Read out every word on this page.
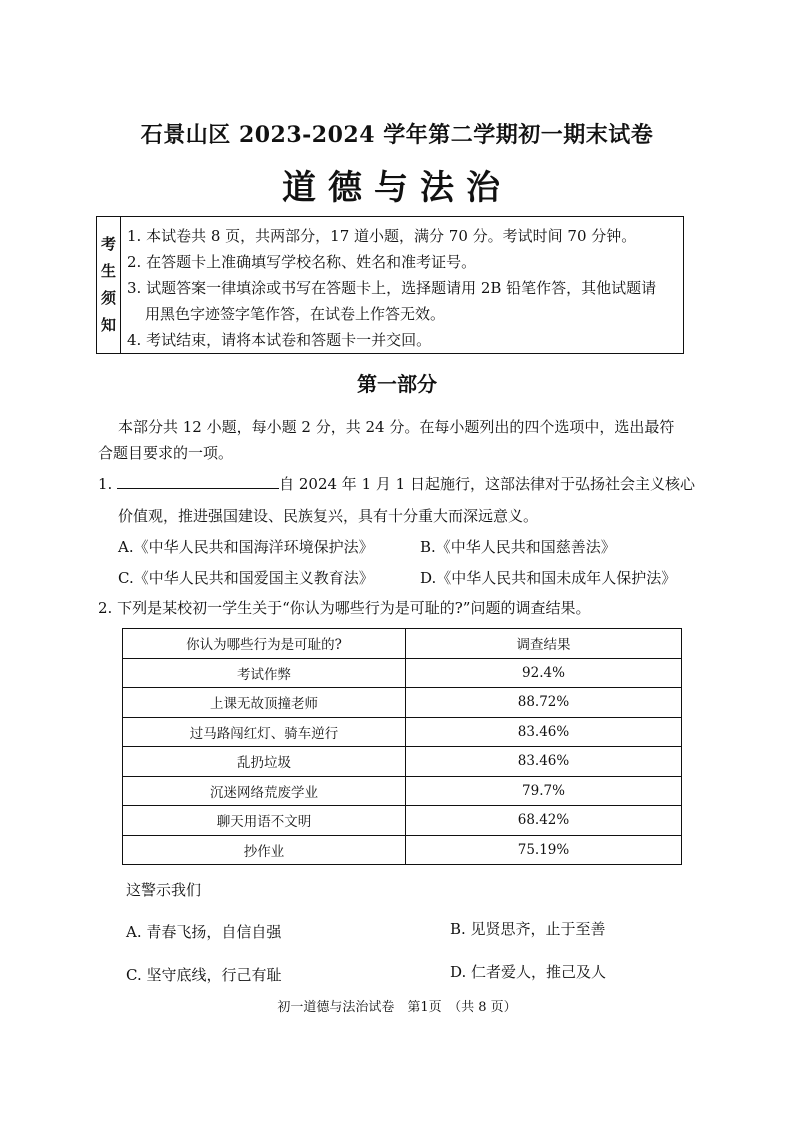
石景山区 2023-2024 学年第二学期初一期末试卷
道德与法治
考
生
须
知
1. 本试卷共 8 页，共两部分，17 道小题，满分 70 分。考试时间 70 分钟。
2. 在答题卡上准确填写学校名称、姓名和准考证号。
3. 试题答案一律填涂或书写在答题卡上，选择题请用 2B 铅笔作答，其他试题请
用黑色字迹签字笔作答，在试卷上作答无效。
4. 考试结束，请将本试卷和答题卡一并交回。
第一部分
本部分共 12 小题，每小题 2 分，共 24 分。在每小题列出的四个选项中，选出最符
合题目要求的一项。
1.	自 2024 年 1 月 1 日起施行，这部法律对于弘扬社会主义核心
价值观，推进强国建设、民族复兴，具有十分重大而深远意义。
A.《中华人民共和国海洋环境保护法》	B.《中华人民共和国慈善法》
C.《中华人民共和国爱国主义教育法》	D.《中华人民共和国未成年人保护法》
2. 下列是某校初一学生关于“你认为哪些行为是可耻的?”问题的调查结果。
你认为哪些行为是可耻的?	调查结果
考试作弊	92.4%
上课无故顶撞老师	88.72%
过马路闯红灯、骑车逆行	83.46%
乱扔垃圾	83.46%
沉迷网络荒废学业	79.7%
聊天用语不文明	68.42%
抄作业	75.19%
这警示我们
A. 青春飞扬，自信自强	B. 见贤思齐，止于至善
C. 坚守底线，行己有耻	D. 仁者爱人，推己及人
初一道德与法治试卷　第1页　（共 8 页）
